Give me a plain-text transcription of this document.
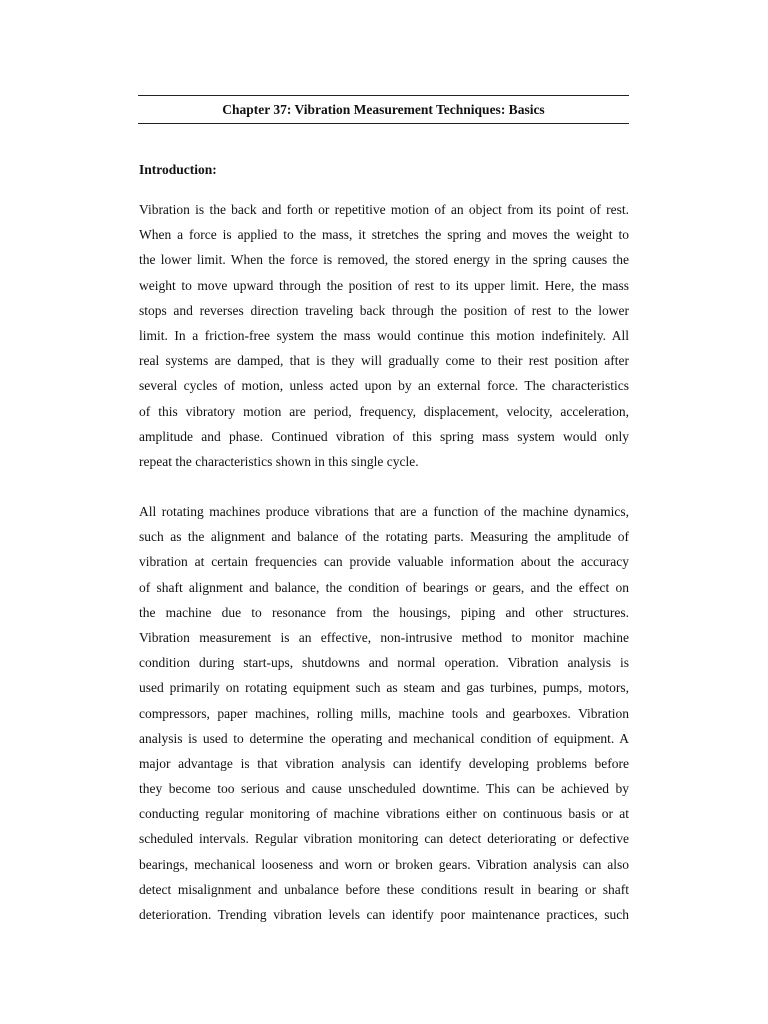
Chapter 37: Vibration Measurement Techniques: Basics
Introduction:
Vibration is the back and forth or repetitive motion of an object from its point of rest.
When a force is applied to the mass, it stretches the spring and moves the weight to
the lower limit. When the force is removed, the stored energy in the spring causes the
weight to move upward through the position of rest to its upper limit. Here, the mass
stops and reverses direction traveling back through the position of rest to the lower
limit. In a friction-free system the mass would continue this motion indefinitely. All
real systems are damped, that is they will gradually come to their rest position after
several cycles of motion, unless acted upon by an external force. The characteristics
of this vibratory motion are period, frequency, displacement, velocity, acceleration,
amplitude and phase. Continued vibration of this spring mass system would only
repeat the characteristics shown in this single cycle.
All rotating machines produce vibrations that are a function of the machine dynamics,
such as the alignment and balance of the rotating parts. Measuring the amplitude of
vibration at certain frequencies can provide valuable information about the accuracy
of shaft alignment and balance, the condition of bearings or gears, and the effect on
the machine due to resonance from the housings, piping and other structures.
Vibration measurement is an effective, non-intrusive method to monitor machine
condition during start-ups, shutdowns and normal operation. Vibration analysis is
used primarily on rotating equipment such as steam and gas turbines, pumps, motors,
compressors, paper machines, rolling mills, machine tools and gearboxes. Vibration
analysis is used to determine the operating and mechanical condition of equipment. A
major advantage is that vibration analysis can identify developing problems before
they become too serious and cause unscheduled downtime. This can be achieved by
conducting regular monitoring of machine vibrations either on continuous basis or at
scheduled intervals. Regular vibration monitoring can detect deteriorating or defective
bearings, mechanical looseness and worn or broken gears. Vibration analysis can also
detect misalignment and unbalance before these conditions result in bearing or shaft
deterioration. Trending vibration levels can identify poor maintenance practices, such
